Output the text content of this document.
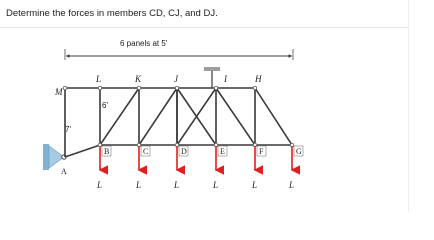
Determine the forces in members CD, CJ, and DJ.

6 panels at 5'
M
L	K	J	I	H
A
B	C	D	E	F	G
6'
7'
L	L	L	L	L	L
